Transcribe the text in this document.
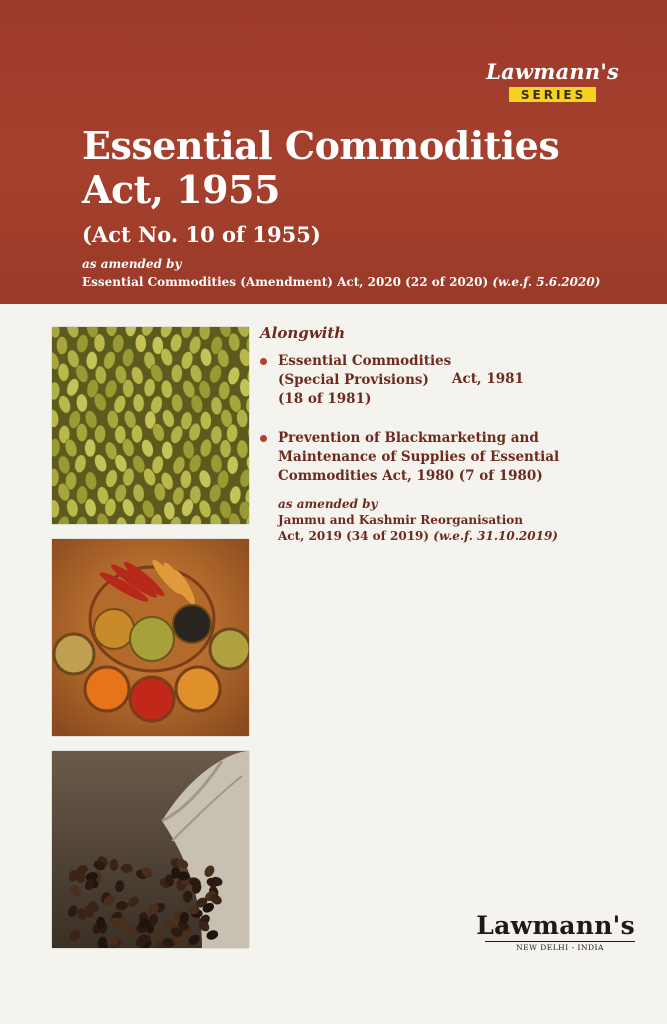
Lawmann's
SERIES
Essential Commodities
Act, 1955
(Act No. 10 of 1955)
as amended by
Essential Commodities (Amendment) Act, 2020 (22 of 2020) (w.e.f. 5.6.2020)
Alongwith
Essential Commodities
(Special Provisions)	Act, 1981
(18 of 1981)
Prevention of Blackmarketing and
Maintenance of Supplies of Essential
Commodities Act, 1980 (7 of 1980)
as amended by
Jammu and Kashmir Reorganisation
Act, 2019 (34 of 2019) (w.e.f. 31.10.2019)
Lawmann's
NEW DELHI - INDIA
